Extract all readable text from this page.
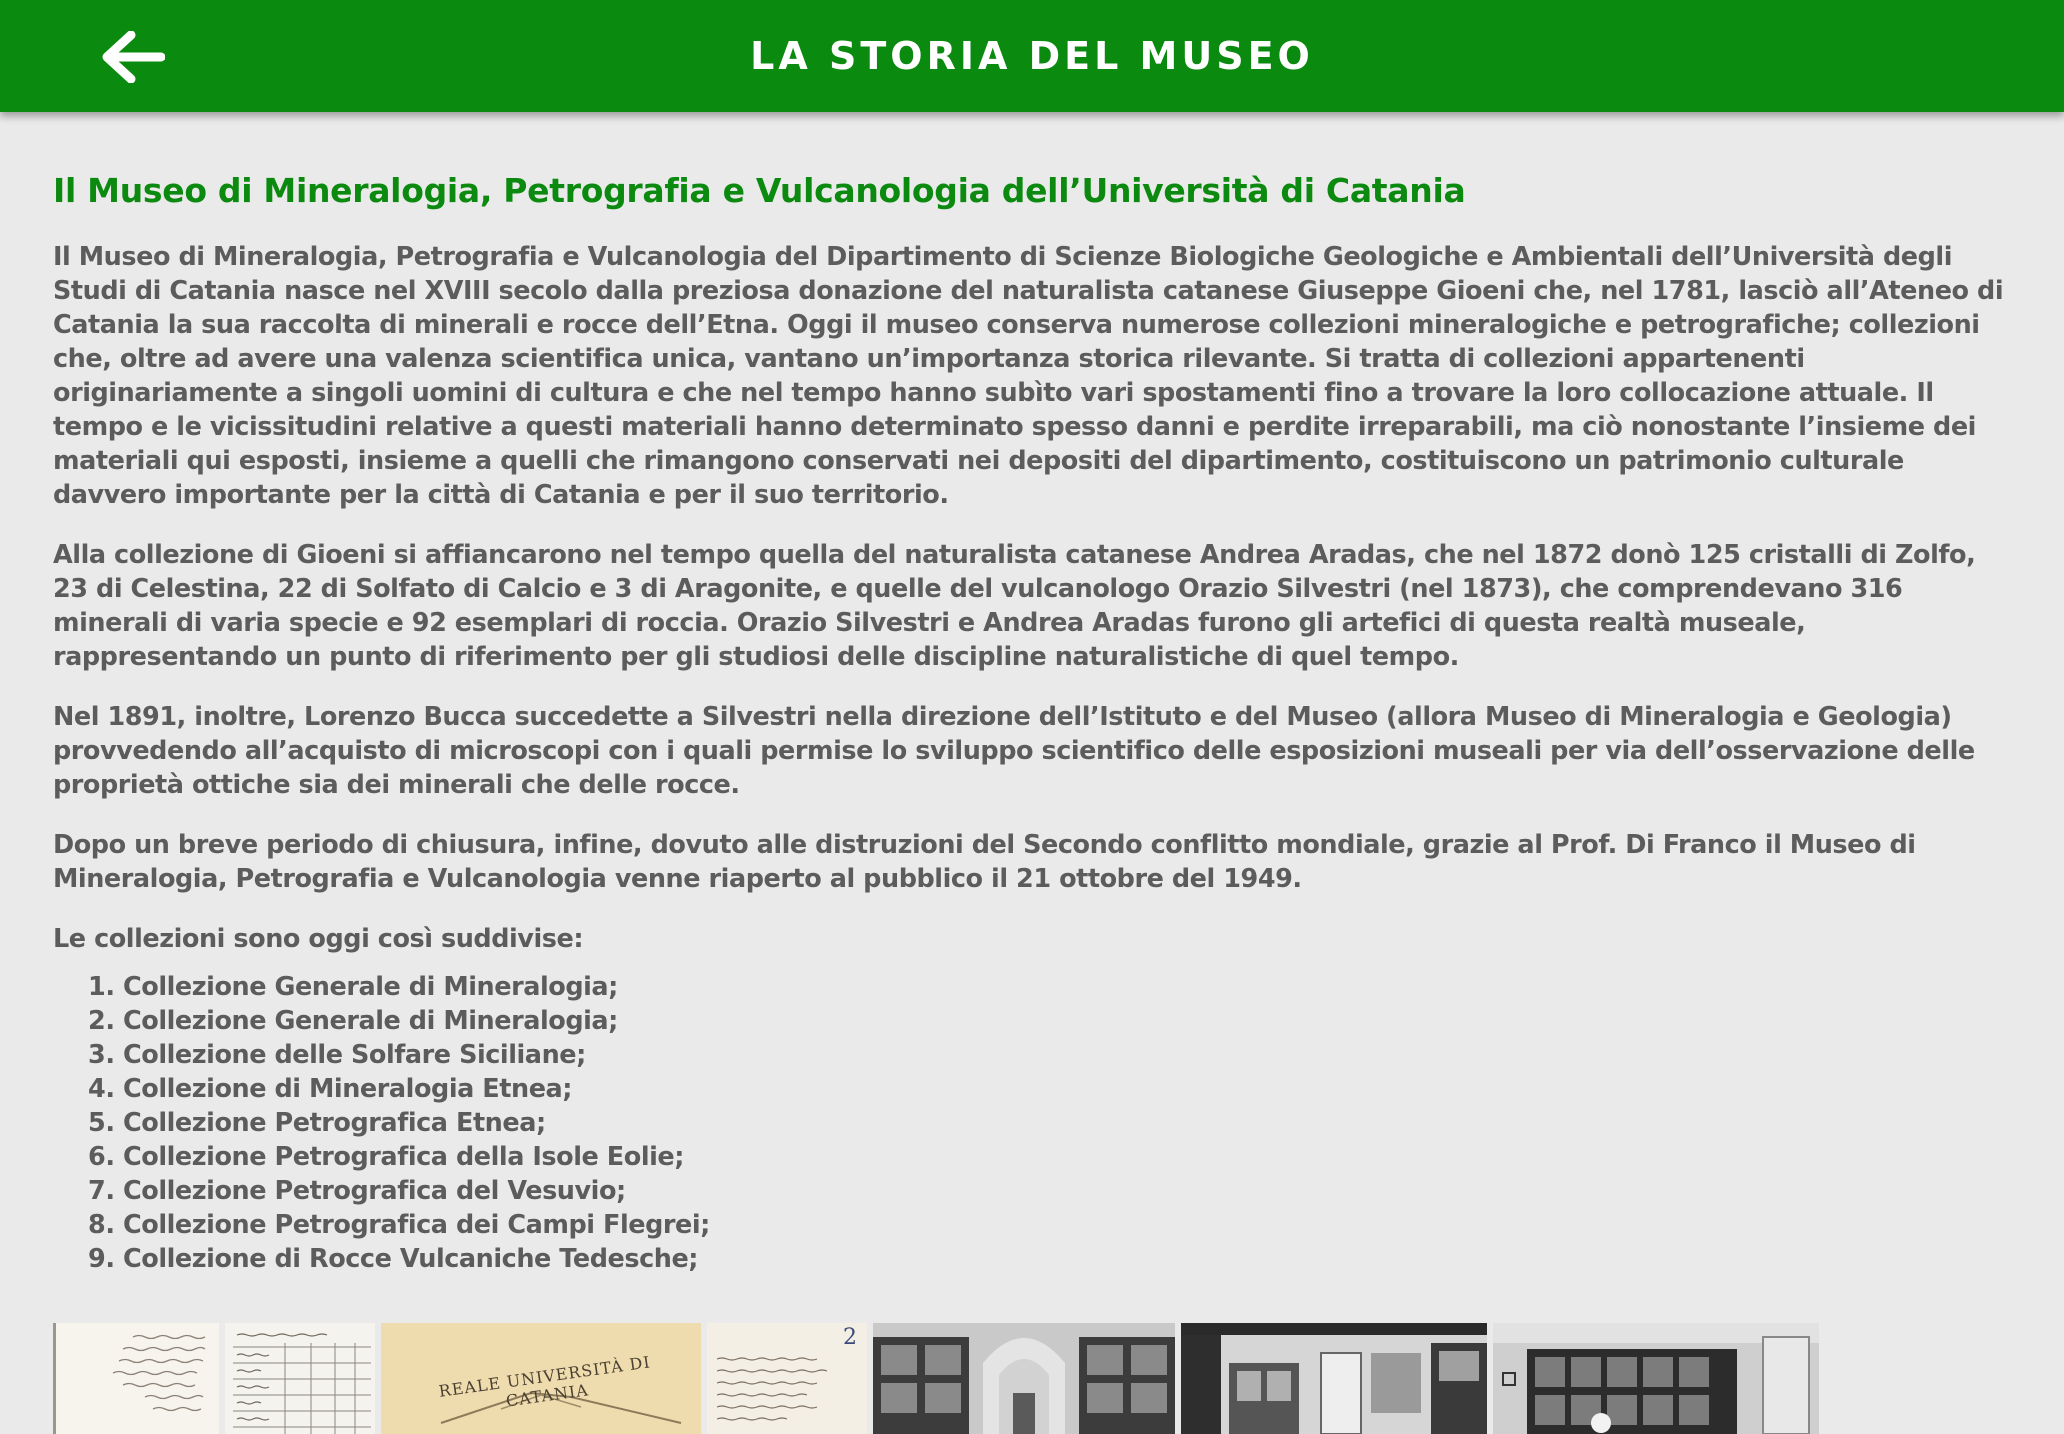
LA STORIA DEL MUSEO
Il Museo di Mineralogia, Petrografia e Vulcanologia dell’Università di Catania

Il Museo di Mineralogia, Petrografia e Vulcanologia del Dipartimento di Scienze Biologiche Geologiche e Ambientali dell’Università degli Studi di Catania nasce nel XVIII secolo dalla preziosa donazione del naturalista catanese Giuseppe Gioeni che, nel 1781, lasciò all’Ateneo di Catania la sua raccolta di minerali e rocce dell’Etna. Oggi il museo conserva numerose collezioni mineralogiche e petrografiche; collezioni che, oltre ad avere una valenza scientifica unica, vantano un’importanza storica rilevante. Si tratta di collezioni appartenenti originariamente a singoli uomini di cultura e che nel tempo hanno subìto vari spostamenti fino a trovare la loro collocazione attuale. Il tempo e le vicissitudini relative a questi materiali hanno determinato spesso danni e perdite irreparabili, ma ciò nonostante l’insieme dei materiali qui esposti, insieme a quelli che rimangono conservati nei depositi del dipartimento, costituiscono un patrimonio culturale davvero importante per la città di Catania e per il suo territorio.

Alla collezione di Gioeni si affiancarono nel tempo quella del naturalista catanese Andrea Aradas, che nel 1872 donò 125 cristalli di Zolfo, 23 di Celestina, 22 di Solfato di Calcio e 3 di Aragonite, e quelle del vulcanologo Orazio Silvestri (nel 1873), che comprendevano 316 minerali di varia specie e 92 esemplari di roccia. Orazio Silvestri e Andrea Aradas furono gli artefici di questa realtà museale, rappresentando un punto di riferimento per gli studiosi delle discipline naturalistiche di quel tempo.

Nel 1891, inoltre, Lorenzo Bucca succedette a Silvestri nella direzione dell’Istituto e del Museo (allora Museo di Mineralogia e Geologia) provvedendo all’acquisto di microscopi con i quali permise lo sviluppo scientifico delle esposizioni museali per via dell’osservazione delle proprietà ottiche sia dei minerali che delle rocce.

Dopo un breve periodo di chiusura, infine, dovuto alle distruzioni del Secondo conflitto mondiale, grazie al Prof. Di Franco il Museo di Mineralogia, Petrografia e Vulcanologia venne riaperto al pubblico il 21 ottobre del 1949.

Le collezioni sono oggi così suddivise:

1. Collezione Generale di Mineralogia;
2. Collezione Generale di Mineralogia;
3. Collezione delle Solfare Siciliane;
4. Collezione di Mineralogia Etnea;
5. Collezione Petrografica Etnea;
6. Collezione Petrografica della Isole Eolie;
7. Collezione Petrografica del Vesuvio;
8. Collezione Petrografica dei Campi Flegrei;
9. Collezione di Rocce Vulcaniche Tedesche;
REALE UNIVERSITÀ DI CATANIA
2
